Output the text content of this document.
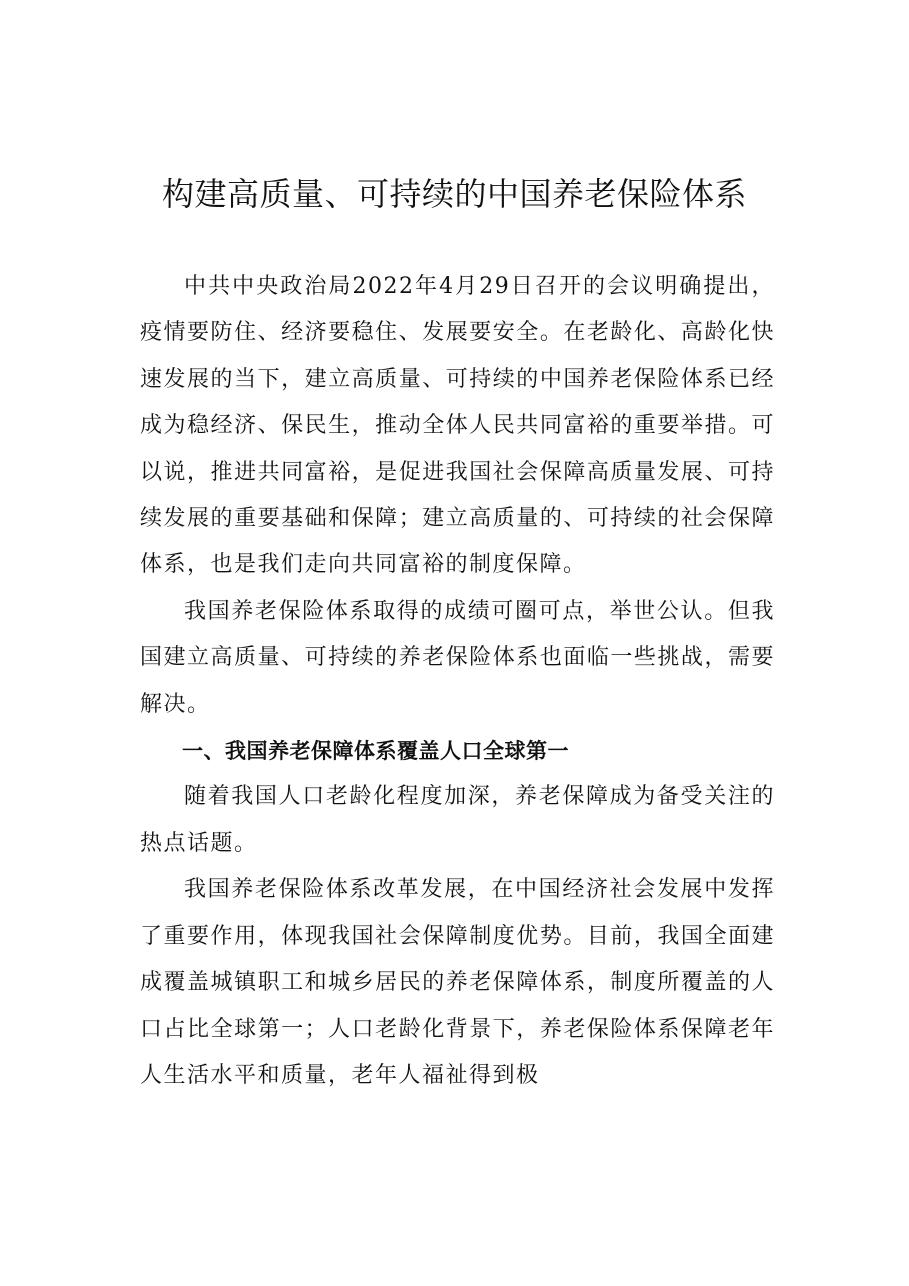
构建高质量、可持续的中国养老保险体系

中共中央政治局2022年4月29日召开的会议明确提出，疫情要防住、经济要稳住、发展要安全。在老龄化、高龄化快速发展的当下，建立高质量、可持续的中国养老保险体系已经成为稳经济、保民生，推动全体人民共同富裕的重要举措。可以说，推进共同富裕，是促进我国社会保障高质量发展、可持续发展的重要基础和保障；建立高质量的、可持续的社会保障体系，也是我们走向共同富裕的制度保障。

我国养老保险体系取得的成绩可圈可点，举世公认。但我国建立高质量、可持续的养老保险体系也面临一些挑战，需要解决。

一、我国养老保障体系覆盖人口全球第一

随着我国人口老龄化程度加深，养老保障成为备受关注的热点话题。

我国养老保险体系改革发展，在中国经济社会发展中发挥了重要作用，体现我国社会保障制度优势。目前，我国全面建成覆盖城镇职工和城乡居民的养老保障体系，制度所覆盖的人口占比全球第一；人口老龄化背景下，养老保险体系保障老年人生活水平和质量，老年人福祉得到极
